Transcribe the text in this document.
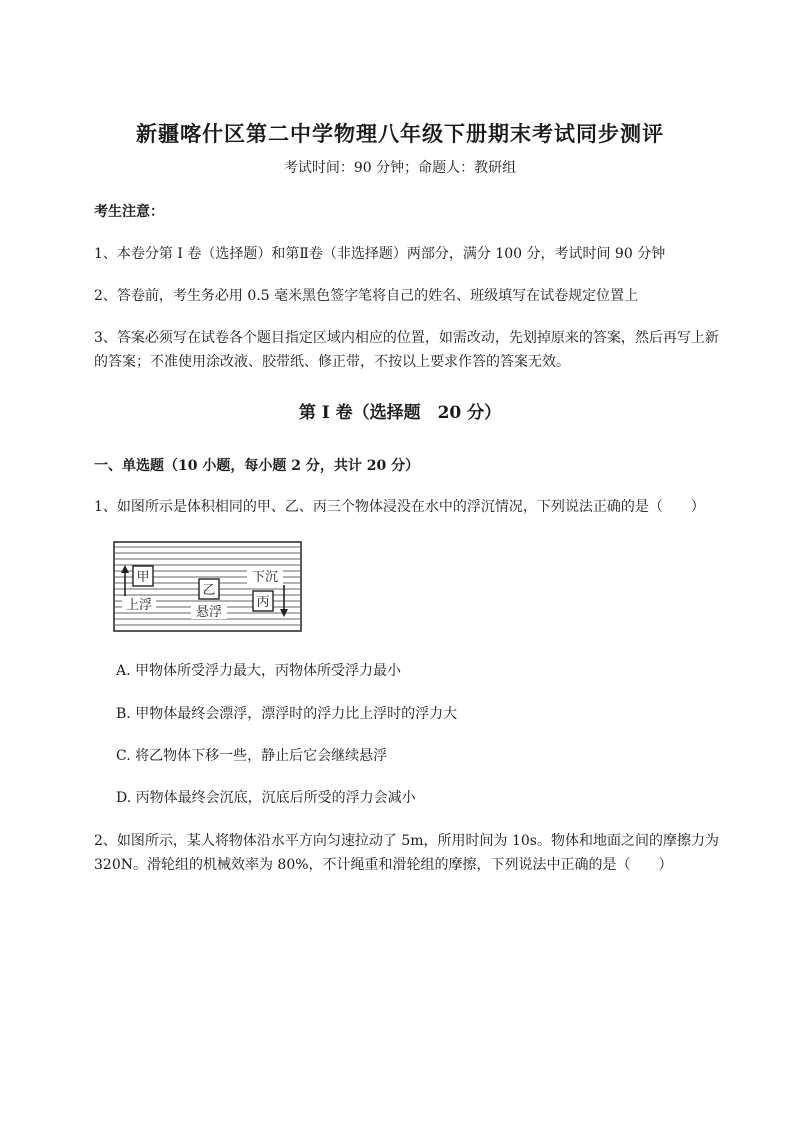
新疆喀什区第二中学物理八年级下册期末考试同步测评
考试时间：90 分钟；命题人：教研组
考生注意：
1、本卷分第 I 卷（选择题）和第Ⅱ卷（非选择题）两部分，满分 100 分，考试时间 90 分钟
2、答卷前，考生务必用 0.5 毫米黑色签字笔将自己的姓名、班级填写在试卷规定位置上
3、答案必须写在试卷各个题目指定区域内相应的位置，如需改动，先划掉原来的答案，然后再写上新
的答案；不准使用涂改液、胶带纸、修正带，不按以上要求作答的答案无效。
第 I 卷（选择题　20 分）
一、单选题（10 小题，每小题 2 分，共计 20 分）
1、如图所示是体积相同的甲、乙、丙三个物体浸没在水中的浮沉情况，下列说法正确的是（　　）
甲
上浮
乙
悬浮
下沉
丙
A. 甲物体所受浮力最大，丙物体所受浮力最小
B. 甲物体最终会漂浮，漂浮时的浮力比上浮时的浮力大
C. 将乙物体下移一些，静止后它会继续悬浮
D. 丙物体最终会沉底，沉底后所受的浮力会减小
2、如图所示，某人将物体沿水平方向匀速拉动了 5m，所用时间为 10s。物体和地面之间的摩擦力为
320N。滑轮组的机械效率为 80%，不计绳重和滑轮组的摩擦，下列说法中正确的是（　　）
